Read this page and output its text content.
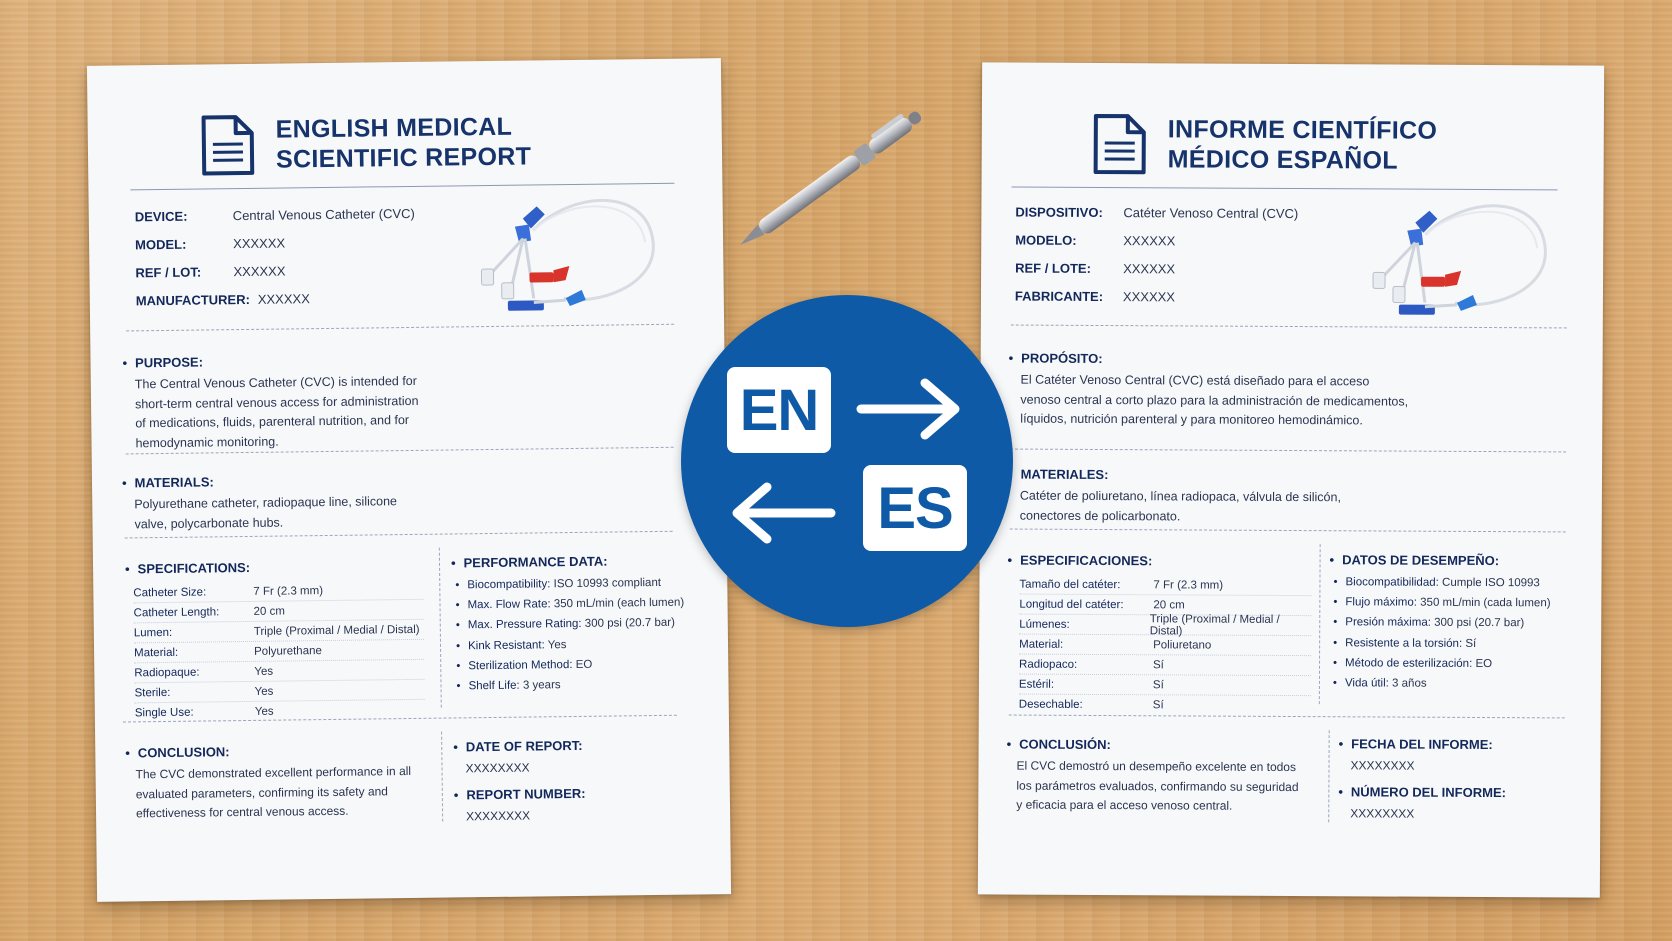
ENGLISH MEDICAL
SCIENTIFIC REPORT
DEVICE:	Central Venous Catheter (CVC)
MODEL:	XXXXXX
REF / LOT:	XXXXXX
MANUFACTURER: XXXXXX
• PURPOSE:
The Central Venous Catheter (CVC) is intended for
short-term central venous access for administration
of medications, fluids, parenteral nutrition, and for
hemodynamic monitoring.
• MATERIALS:
Polyurethane catheter, radiopaque line, silicone
valve, polycarbonate hubs.
• SPECIFICATIONS:
Catheter Size:	7 Fr (2.3 mm)
Catheter Length:	20 cm
Lumen:	Triple (Proximal / Medial / Distal)
Material:	Polyurethane
Radiopaque:	Yes
Sterile:	Yes
Single Use:	Yes
• PERFORMANCE DATA:
• Biocompatibility: ISO 10993 compliant
• Max. Flow Rate: 350 mL/min (each lumen)
• Max. Pressure Rating: 300 psi (20.7 bar)
• Kink Resistant: Yes
• Sterilization Method: EO
• Shelf Life: 3 years
• CONCLUSION:
The CVC demonstrated excellent performance in all
evaluated parameters, confirming its safety and
effectiveness for central venous access.
• DATE OF REPORT:
XXXXXXXX
• REPORT NUMBER:
XXXXXXXX
INFORME CIENTÍFICO
MÉDICO ESPAÑOL
DISPOSITIVO:	Catéter Venoso Central (CVC)
MODELO:	XXXXXX
REF / LOTE:	XXXXXX
FABRICANTE:	XXXXXX
• PROPÓSITO:
El Catéter Venoso Central (CVC) está diseñado para el acceso
venoso central a corto plazo para la administración de medicamentos,
líquidos, nutrición parenteral y para monitoreo hemodinámico.
MATERIALES:
Catéter de poliuretano, línea radiopaca, válvula de silicón,
conectores de policarbonato.
• ESPECIFICACIONES:
Tamaño del catéter:	7 Fr (2.3 mm)
Longitud del catéter:	20 cm
Lúmenes:	Triple (Proximal / Medial / Distal)
Material:	Poliuretano
Radiopaco:	Sí
Estéril:	Sí
Desechable:	Sí
• DATOS DE DESEMPEÑO:
• Biocompatibilidad: Cumple ISO 10993
• Flujo máximo: 350 mL/min (cada lumen)
• Presión máxima: 300 psi (20.7 bar)
• Resistente a la torsión: Sí
• Método de esterilización: EO
• Vida útil: 3 años
• CONCLUSIÓN:
El CVC demostró un desempeño excelente en todos
los parámetros evaluados, confirmando su seguridad
y eficacia para el acceso venoso central.
• FECHA DEL INFORME:
XXXXXXXX
• NÚMERO DEL INFORME:
XXXXXXXX
EN
ES
